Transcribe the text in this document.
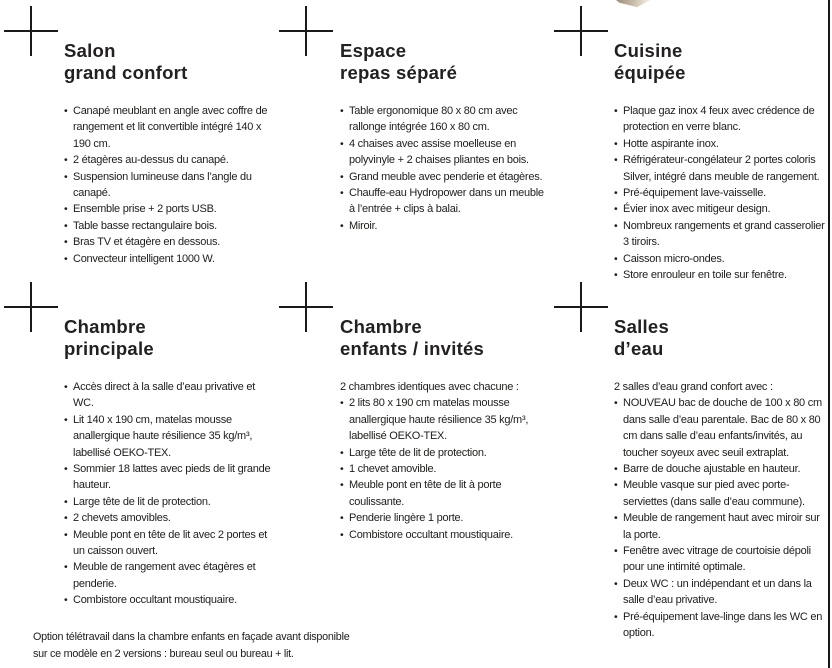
Salon
grand confort
• Canapé meublant en angle avec coffre de rangement et lit convertible intégré 140 x 190 cm.
• 2 étagères au-dessus du canapé.
• Suspension lumineuse dans l’angle du canapé.
• Ensemble prise + 2 ports USB.
• Table basse rectangulaire bois.
• Bras TV et étagère en dessous.
• Convecteur intelligent 1000 W.
Espace
repas séparé
• Table ergonomique 80 x 80 cm avec rallonge intégrée 160 x 80 cm.
• 4 chaises avec assise moelleuse en polyvinyle + 2 chaises pliantes en bois.
• Grand meuble avec penderie et étagères.
• Chauffe-eau Hydropower dans un meuble à l’entrée + clips à balai.
• Miroir.
Cuisine
équipée
• Plaque gaz inox 4 feux avec crédence de protection en verre blanc.
• Hotte aspirante inox.
• Réfrigérateur-congélateur 2 portes coloris Silver, intégré dans meuble de rangement.
• Pré-équipement lave-vaisselle.
• Évier inox avec mitigeur design.
• Nombreux rangements et grand casserolier 3 tiroirs.
• Caisson micro-ondes.
• Store enrouleur en toile sur fenêtre.
Chambre
principale
• Accès direct à la salle d’eau privative et WC.
• Lit 140 x 190 cm, matelas mousse anallergique haute résilience 35 kg/m³, labellisé OEKO-TEX.
• Sommier 18 lattes avec pieds de lit grande hauteur.
• Large tête de lit de protection.
• 2 chevets amovibles.
• Meuble pont en tête de lit avec 2 portes et un caisson ouvert.
• Meuble de rangement avec étagères et penderie.
• Combistore occultant moustiquaire.
Chambre
enfants / invités

2 chambres identiques avec chacune :

• 2 lits 80 x 190 cm matelas mousse anallergique haute résilience 35 kg/m³, labellisé OEKO-TEX.
• Large tête de lit de protection.
• 1 chevet amovible.
• Meuble pont en tête de lit à porte coulissante.
• Penderie lingère 1 porte.
• Combistore occultant moustiquaire.
Salles
d’eau

2 salles d’eau grand confort avec :

• NOUVEAU bac de douche de 100 x 80 cm dans salle d’eau parentale. Bac de 80 x 80 cm dans salle d’eau enfants/invités, au toucher soyeux avec seuil extraplat.
• Barre de douche ajustable en hauteur.
• Meuble vasque sur pied avec porte-serviettes (dans salle d’eau commune).
• Meuble de rangement haut avec miroir sur la porte.
• Fenêtre avec vitrage de courtoisie dépoli pour une intimité optimale.
• Deux WC : un indépendant et un dans la salle d’eau privative.
• Pré-équipement lave-linge dans les WC en option.
Option télétravail dans la chambre enfants en façade avant disponible
sur ce modèle en 2 versions : bureau seul ou bureau + lit.
